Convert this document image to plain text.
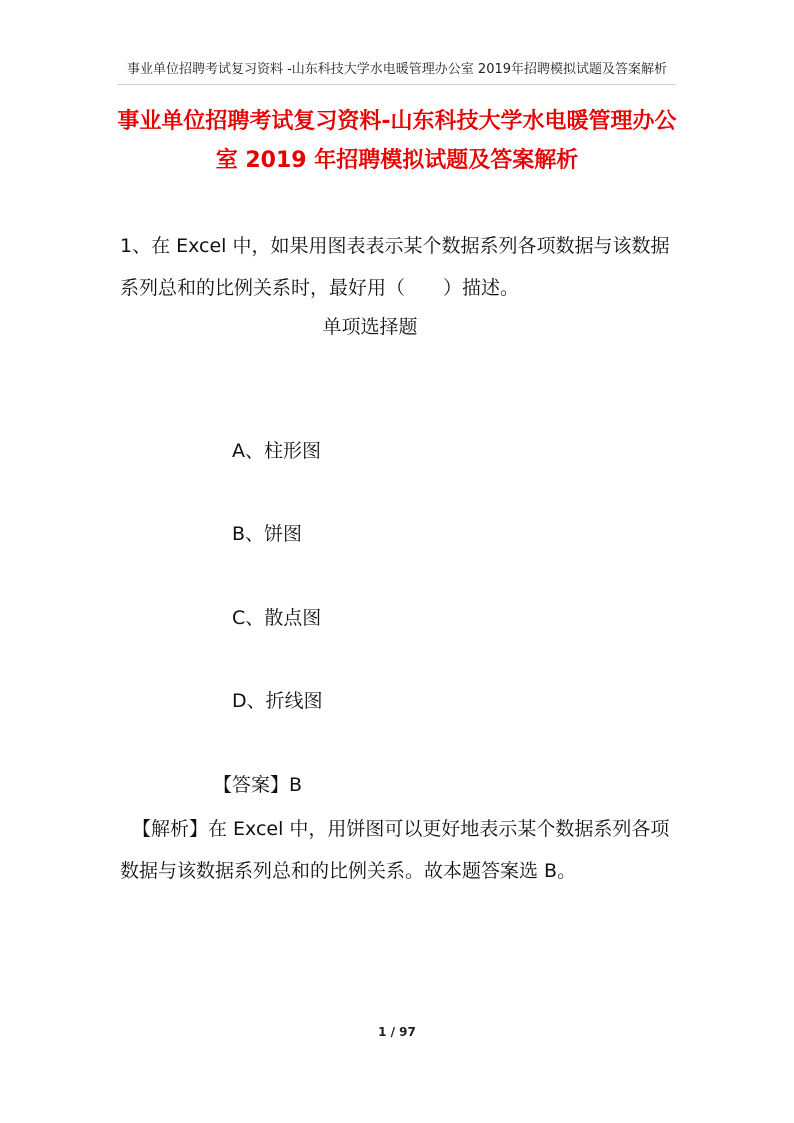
事业单位招聘考试复习资料 -山东科技大学水电暖管理办公室 2019年招聘模拟试题及答案解析
事业单位招聘考试复习资料-山东科技大学水电暖管理办公室 2019 年招聘模拟试题及答案解析
1、在 Excel 中，如果用图表表示某个数据系列各项数据与该数据系列总和的比例关系时，最好用（　　）描述。
单项选择题
A、柱形图
B、饼图
C、散点图
D、折线图
【答案】B
【解析】在 Excel 中，用饼图可以更好地表示某个数据系列各项数据与该数据系列总和的比例关系。故本题答案选 B。
1 / 97
